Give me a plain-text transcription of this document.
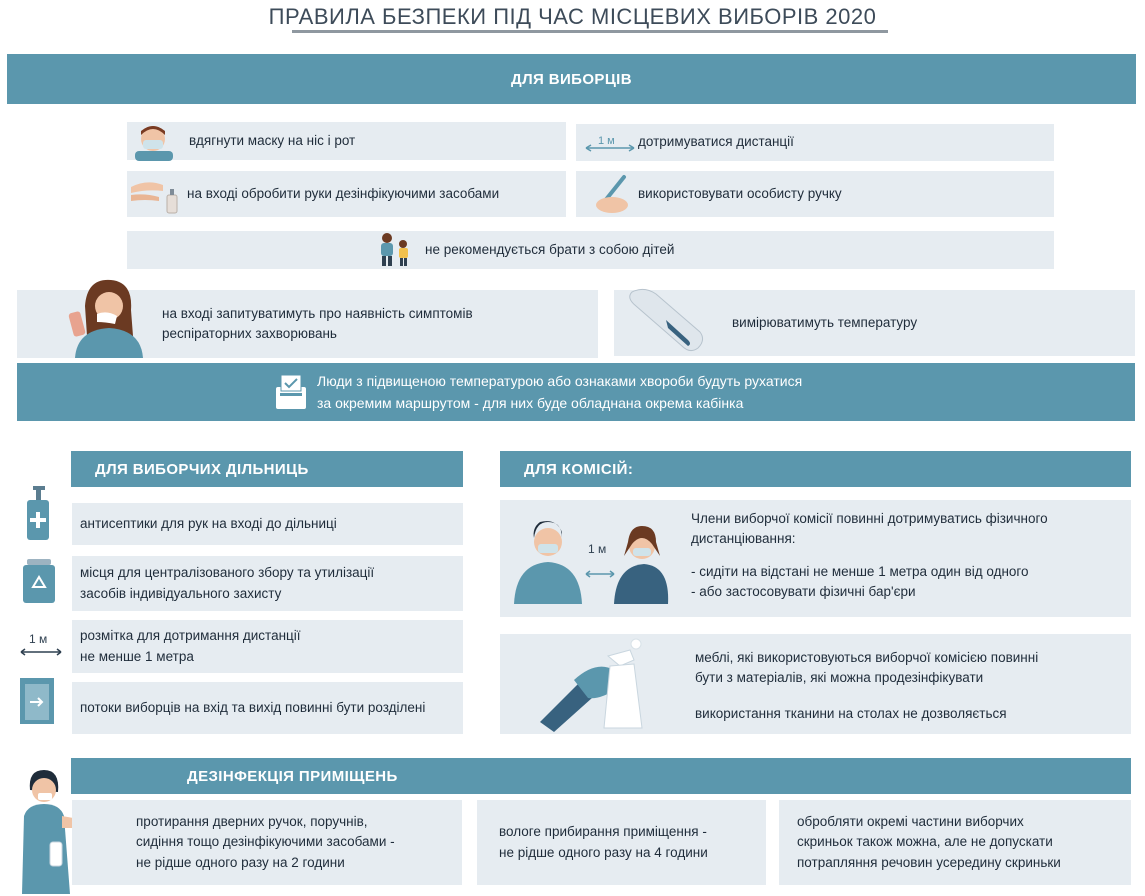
ПРАВИЛА БЕЗПЕКИ ПІД ЧАС МІСЦЕВИХ ВИБОРІВ 2020
ДЛЯ ВИБОРЦІВ
вдягнути маску на ніс і рот	1 м	дотримуватися дистанції
на вході обробити руки дезінфікуючими засобами	використовувати особисту ручку
не рекомендується брати з собою дітей
на вході запитуватимуть про наявність симптомів
респіраторних захворювань
вимірюватимуть температуру
Люди з підвищеною температурою або ознаками хвороби будуть рухатися
за окремим маршрутом - для них буде обладнана окрема кабінка
ДЛЯ ВИБОРЧИХ ДІЛЬНИЦЬ
антисептики для рук на вході до дільниці
місця для централізованого збору та утилізації
засобів індивідуального захисту
1 м розмітка для дотримання дистанції
не менше 1 метра
потоки виборців на вхід та вихід повинні бути розділені
ДЛЯ КОМІСІЙ:
1 м
Члени виборчої комісії повинні дотримуватись фізичного
дистанціювання:
- сидіти на відстані не менше 1 метра один від одного
- або застосовувати фізичні бар'єри
меблі, які використовуються виборчої комісією повинні
бути з матеріалів, які можна продезінфікувати
використання тканини на столах не дозволяється
ДЕЗІНФЕКЦІЯ ПРИМІЩЕНЬ
протирання дверних ручок, поручнів,
сидіння тощо дезінфікуючими засобами -
не рідше одного разу на 2 години
вологе прибирання приміщення -
не рідше одного разу на 4 години
обробляти окремі частини виборчих
скриньок також можна, але не допускати
потрапляння речовин усередину скриньки
